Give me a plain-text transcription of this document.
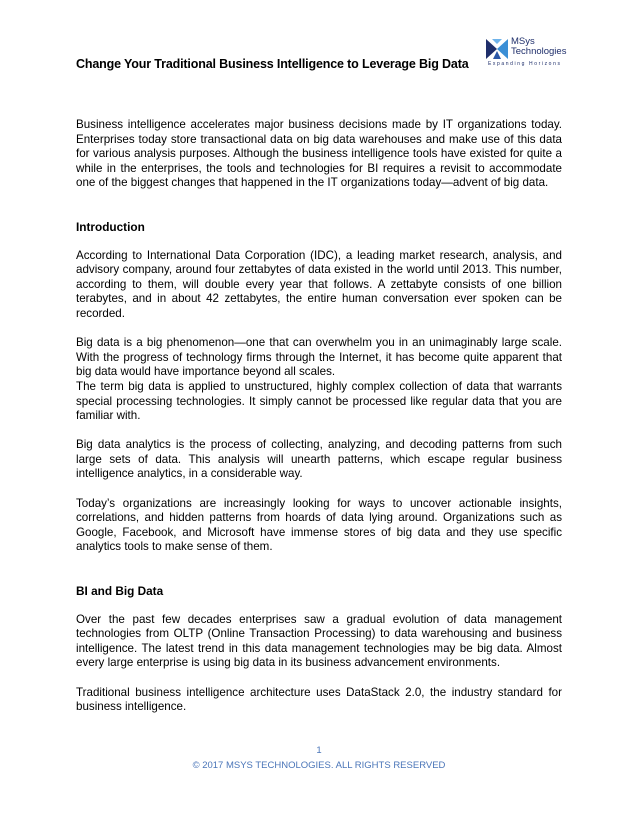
Change Your Traditional Business Intelligence to Leverage Big Data
MSys
Technologies
Expanding Horizons

Business intelligence accelerates major business decisions made by IT organizations today. Enterprises today store transactional data on big data warehouses and make use of this data for various analysis purposes. Although the business intelligence tools have existed for quite a while in the enterprises, the tools and technologies for BI requires a revisit to accommodate one of the biggest changes that happened in the IT organizations today—advent of big data.

Introduction

According to International Data Corporation (IDC), a leading market research, analysis, and advisory company, around four zettabytes of data existed in the world until 2013. This number, according to them, will double every year that follows. A zettabyte consists of one billion terabytes, and in about 42 zettabytes, the entire human conversation ever spoken can be recorded.

Big data is a big phenomenon—one that can overwhelm you in an unimaginably large scale. With the progress of technology firms through the Internet, it has become quite apparent that big data would have importance beyond all scales.

The term big data is applied to unstructured, highly complex collection of data that warrants special processing technologies. It simply cannot be processed like regular data that you are familiar with.

Big data analytics is the process of collecting, analyzing, and decoding patterns from such large sets of data. This analysis will unearth patterns, which escape regular business intelligence analytics, in a considerable way.

Today’s organizations are increasingly looking for ways to uncover actionable insights, correlations, and hidden patterns from hoards of data lying around. Organizations such as Google, Facebook, and Microsoft have immense stores of big data and they use specific analytics tools to make sense of them.

BI and Big Data

Over the past few decades enterprises saw a gradual evolution of data management technologies from OLTP (Online Transaction Processing) to data warehousing and business intelligence. The latest trend in this data management technologies may be big data. Almost every large enterprise is using big data in its business advancement environments.

Traditional business intelligence architecture uses DataStack 2.0, the industry standard for business intelligence.

1
© 2017 MSYS TECHNOLOGIES. ALL RIGHTS RESERVED
